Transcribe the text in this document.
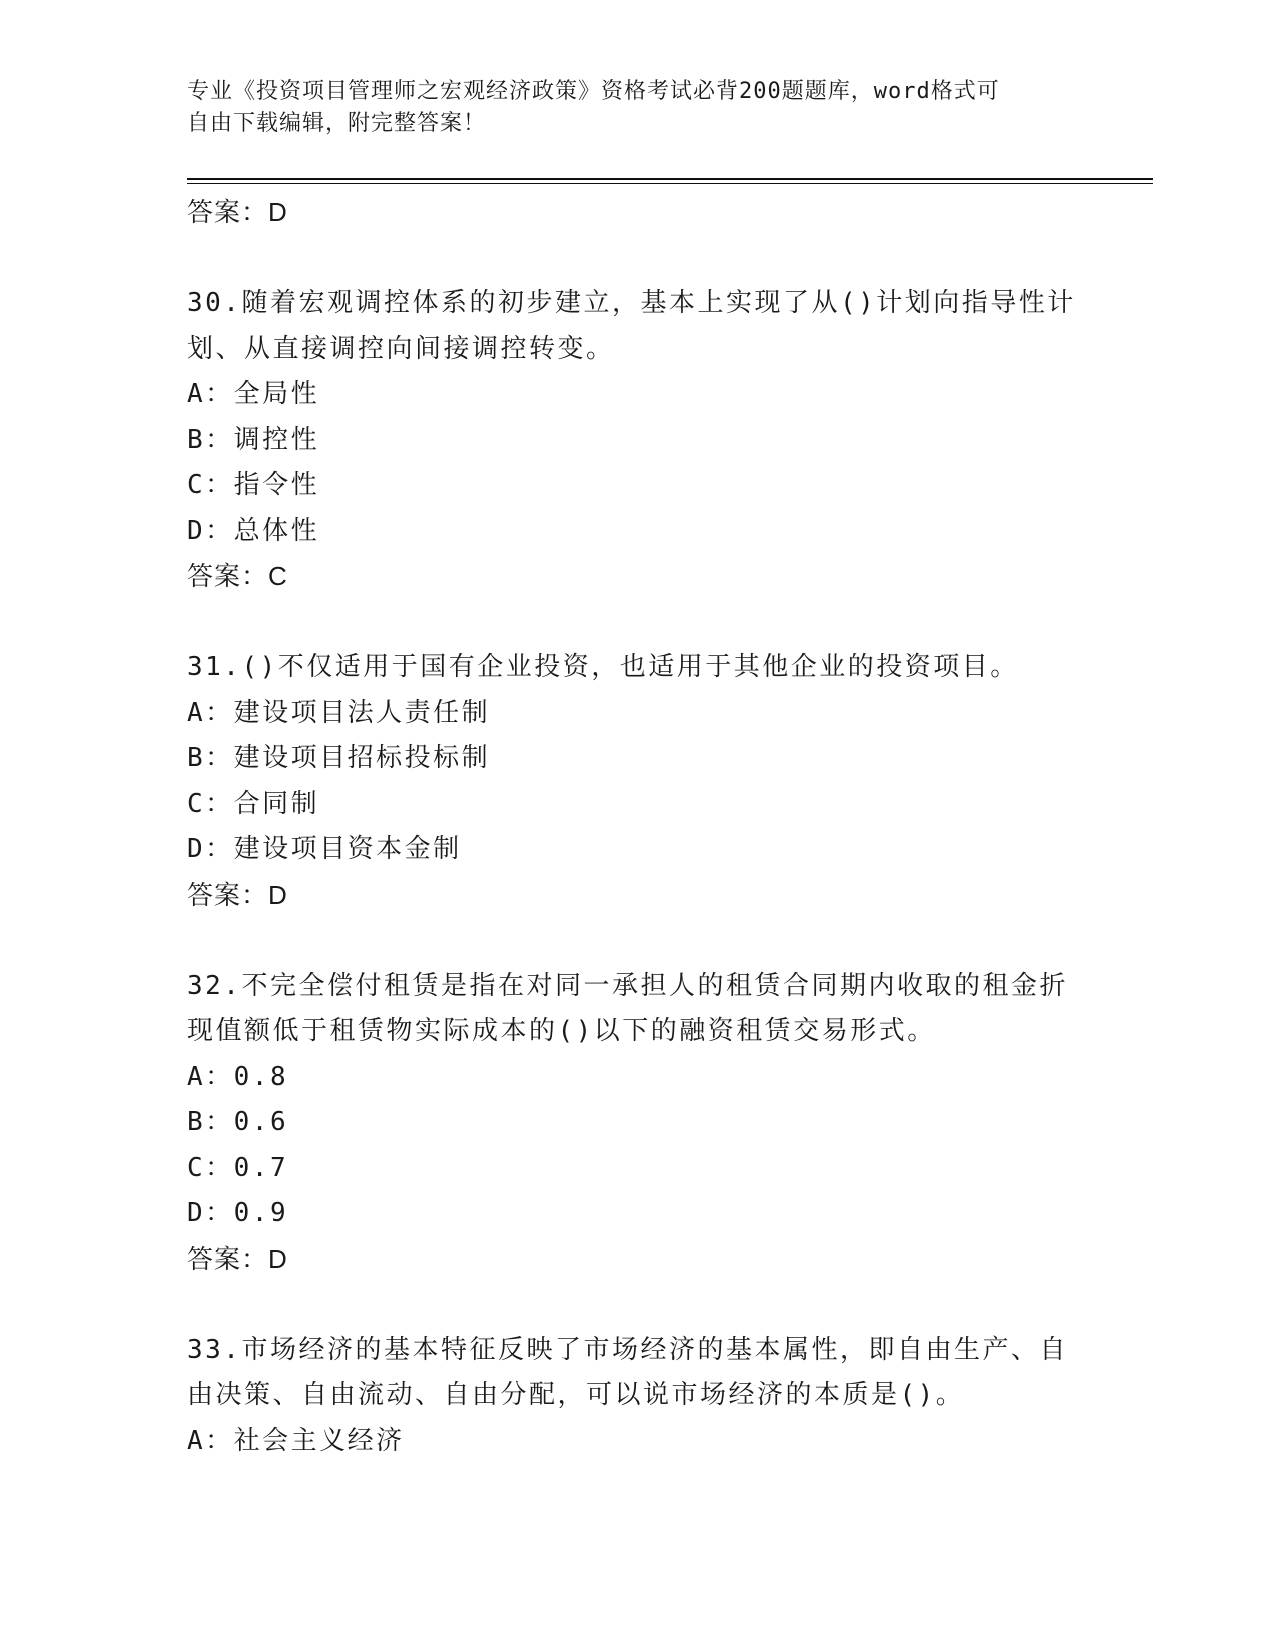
专业《投资项目管理师之宏观经济政策》资格考试必背200题题库，word格式可
自由下载编辑，附完整答案！
答案：D
30.随着宏观调控体系的初步建立，基本上实现了从()计划向指导性计
划、从直接调控向间接调控转变。
A：全局性
B：调控性
C：指令性
D：总体性
答案：C
31.()不仅适用于国有企业投资，也适用于其他企业的投资项目。
A：建设项目法人责任制
B：建设项目招标投标制
C：合同制
D：建设项目资本金制
答案：D
32.不完全偿付租赁是指在对同一承担人的租赁合同期内收取的租金折
现值额低于租赁物实际成本的()以下的融资租赁交易形式。
A：0.8
B：0.6
C：0.7
D：0.9
答案：D
33.市场经济的基本特征反映了市场经济的基本属性，即自由生产、自
由决策、自由流动、自由分配，可以说市场经济的本质是()。
A：社会主义经济
